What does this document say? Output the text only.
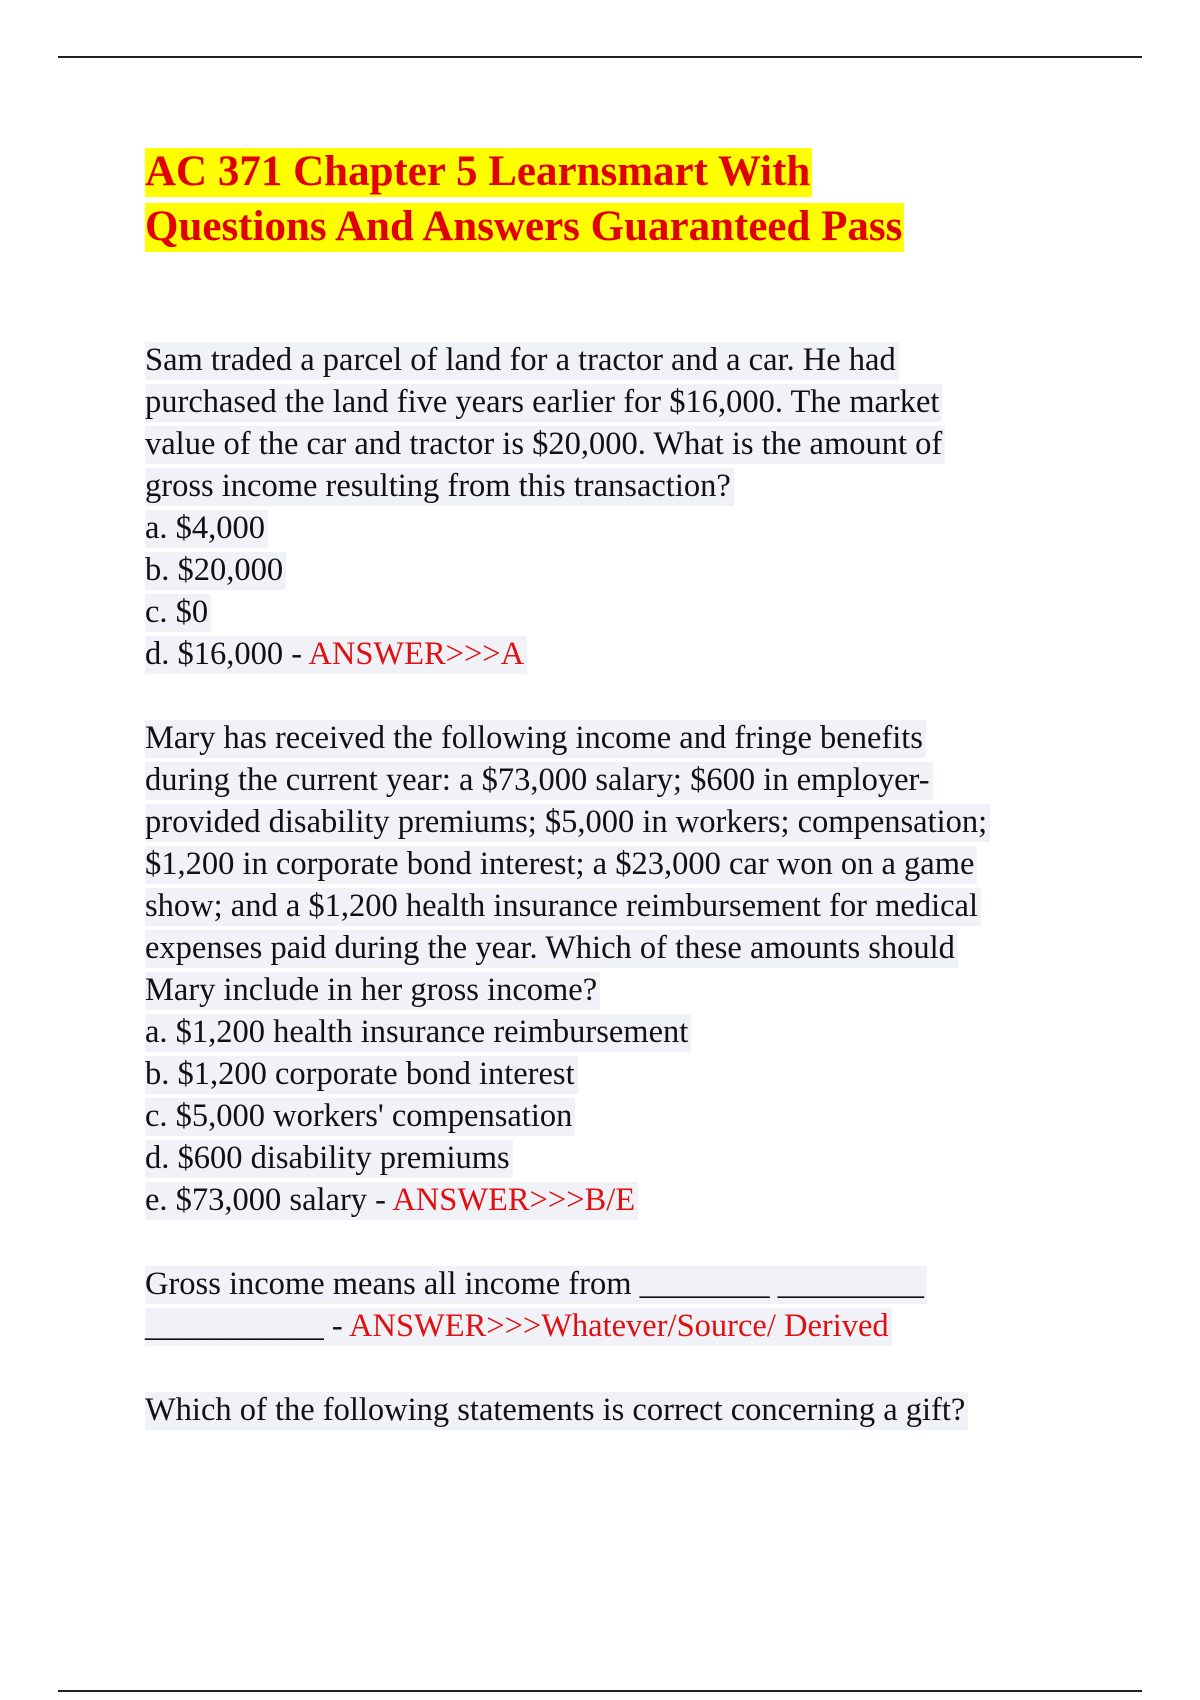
AC 371 Chapter 5 Learnsmart With
Questions And Answers Guaranteed Pass
Sam traded a parcel of land for a tractor and a car. He had
purchased the land five years earlier for $16,000. The market
value of the car and tractor is $20,000. What is the amount of
gross income resulting from this transaction?
a. $4,000
b. $20,000
c. $0
d. $16,000 - ANSWER>>>A
Mary has received the following income and fringe benefits
during the current year: a $73,000 salary; $600 in employer-
provided disability premiums; $5,000 in workers; compensation;
$1,200 in corporate bond interest; a $23,000 car won on a game
show; and a $1,200 health insurance reimbursement for medical
expenses paid during the year. Which of these amounts should
Mary include in her gross income?
a. $1,200 health insurance reimbursement
b. $1,200 corporate bond interest
c. $5,000 workers' compensation
d. $600 disability premiums
e. $73,000 salary - ANSWER>>>B/E
Gross income means all income from ________ _________
___________ - ANSWER>>>Whatever/Source/ Derived
Which of the following statements is correct concerning a gift?
